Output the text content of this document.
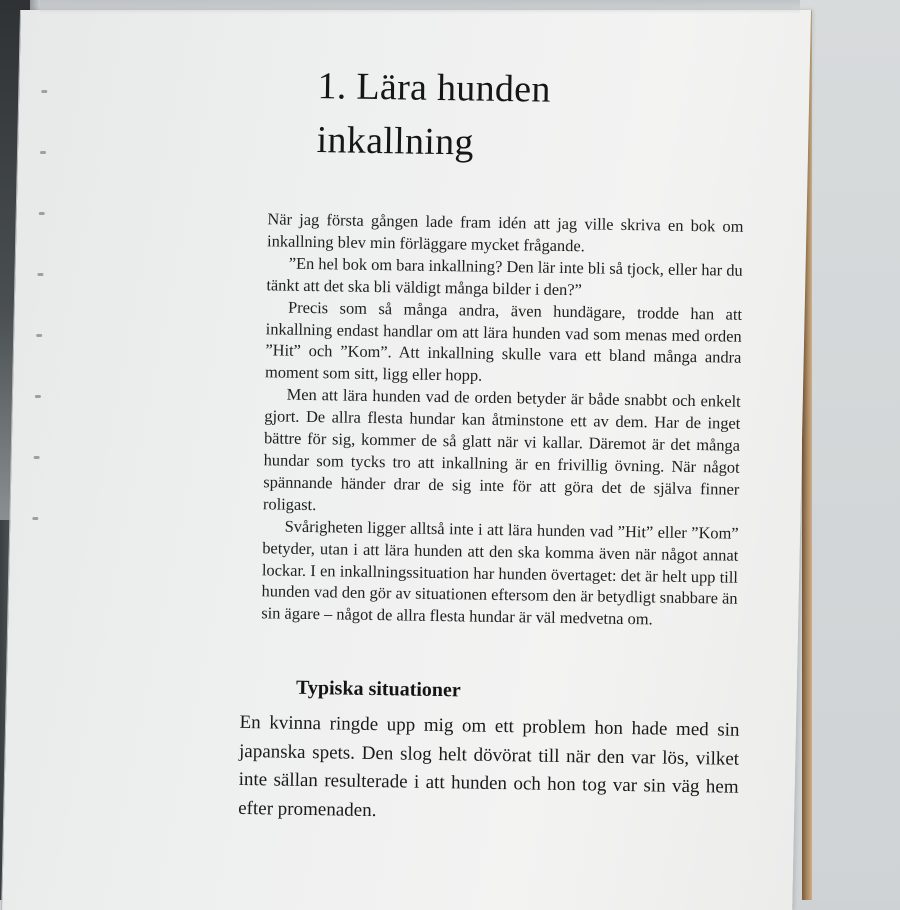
1. Lära hunden
inkallning

När jag första gången lade fram idén att jag ville skriva en bok om inkallning blev min förläggare mycket frågande.

”En hel bok om bara inkallning? Den lär inte bli så tjock, eller har du tänkt att det ska bli väldigt många bilder i den?”

Precis som så många andra, även hundägare, trodde han att inkallning endast handlar om att lära hunden vad som menas med orden ”Hit” och ”Kom”. Att inkallning skulle vara ett bland många andra moment som sitt, ligg eller hopp.

Men att lära hunden vad de orden betyder är både snabbt och enkelt gjort. De allra flesta hundar kan åtminstone ett av dem. Har de inget bättre för sig, kommer de så glatt när vi kallar. Däremot är det många hundar som tycks tro att inkallning är en frivillig övning. När något spännande händer drar de sig inte för att göra det de själva finner roligast.

Svårigheten ligger alltså inte i att lära hunden vad ”Hit” eller ”Kom” betyder, utan i att lära hunden att den ska komma även när något annat lockar. I en inkallningssituation har hunden övertaget: det är helt upp till hunden vad den gör av situationen eftersom den är betydligt snabbare än sin ägare – något de allra flesta hundar är väl medvetna om.

Typiska situationer
En kvinna ringde upp mig om ett problem hon hade med sin japanska spets. Den slog helt dövörat till när den var lös, vilket inte sällan resulterade i att hunden och hon tog var sin väg hem efter promenaden.
